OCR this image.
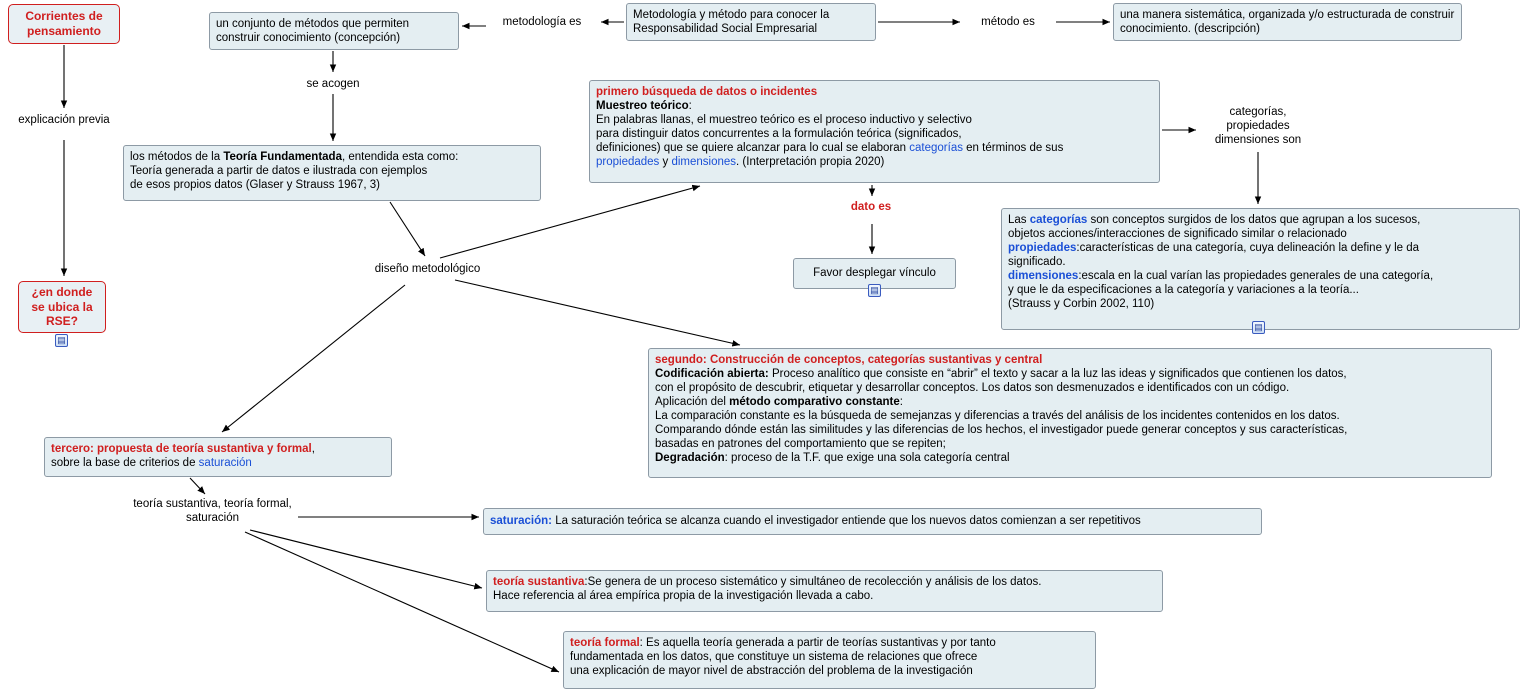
Corrientes de pensamiento
¿en donde se ubica la RSE?
▤
un conjunto de métodos que permiten construir conocimiento (concepción)
Metodología y método para conocer la Responsabilidad Social Empresarial
una manera sistemática, organizada y/o estructurada de construir conocimiento. (descripción)
los métodos de la Teoría Fundamentada, entendida esta como:
Teoría generada a partir de datos e ilustrada con ejemplos
de esos propios datos (Glaser y Strauss 1967, 3)
primero búsqueda de datos o incidentes
Muestreo teórico:
En palabras llanas, el muestreo teórico es el proceso inductivo y selectivo
para distinguir datos concurrentes a la formulación teórica (significados,
definiciones) que se quiere alcanzar para lo cual se elaboran categorías en términos de sus
propiedades y dimensiones. (Interpretación propia 2020)
Favor desplegar vínculo
▤
Las categorías son conceptos surgidos de los datos que agrupan a los sucesos,
objetos acciones/interacciones de significado similar o relacionado
propiedades:características de una categoría, cuya delineación la define y le da
significado.
dimensiones:escala en la cual varían las propiedades generales de una categoría,
y que le da especificaciones a la categoría y variaciones a la teoría...
(Strauss y Corbin 2002, 110)
▤
segundo: Construcción de conceptos, categorías sustantivas y central
Codificación abierta: Proceso analítico que consiste en “abrir” el texto y sacar a la luz las ideas y significados que contienen los datos,
con el propósito de descubrir, etiquetar y desarrollar conceptos. Los datos son desmenuzados e identificados con un código.
Aplicación del método comparativo constante:
La comparación constante es la búsqueda de semejanzas y diferencias a través del análisis de los incidentes contenidos en los datos.
Comparando dónde están las similitudes y las diferencias de los hechos, el investigador puede generar conceptos y sus características,
basadas en patrones del comportamiento que se repiten;
Degradación: proceso de la T.F. que exige una sola categoría central
tercero: propuesta de teoría sustantiva y formal,
sobre la base de criterios de saturación
saturación: La saturación teórica se alcanza cuando el investigador entiende que los nuevos datos comienzan a ser repetitivos
teoría sustantiva:Se genera de un proceso sistemático y simultáneo de recolección y análisis de los datos.
Hace referencia al área empírica propia de la investigación llevada a cabo.
teoría formal: Es aquella teoría generada a partir de teorías sustantivas y por tanto
fundamentada en los datos, que constituye un sistema de relaciones que ofrece
una explicación de mayor nivel de abstracción del problema de la investigación
metodología es	método es
se acogen
explicación previa
diseño metodológico
dato es
categorías, propiedades dimensiones son
teoría sustantiva, teoría formal, saturación
